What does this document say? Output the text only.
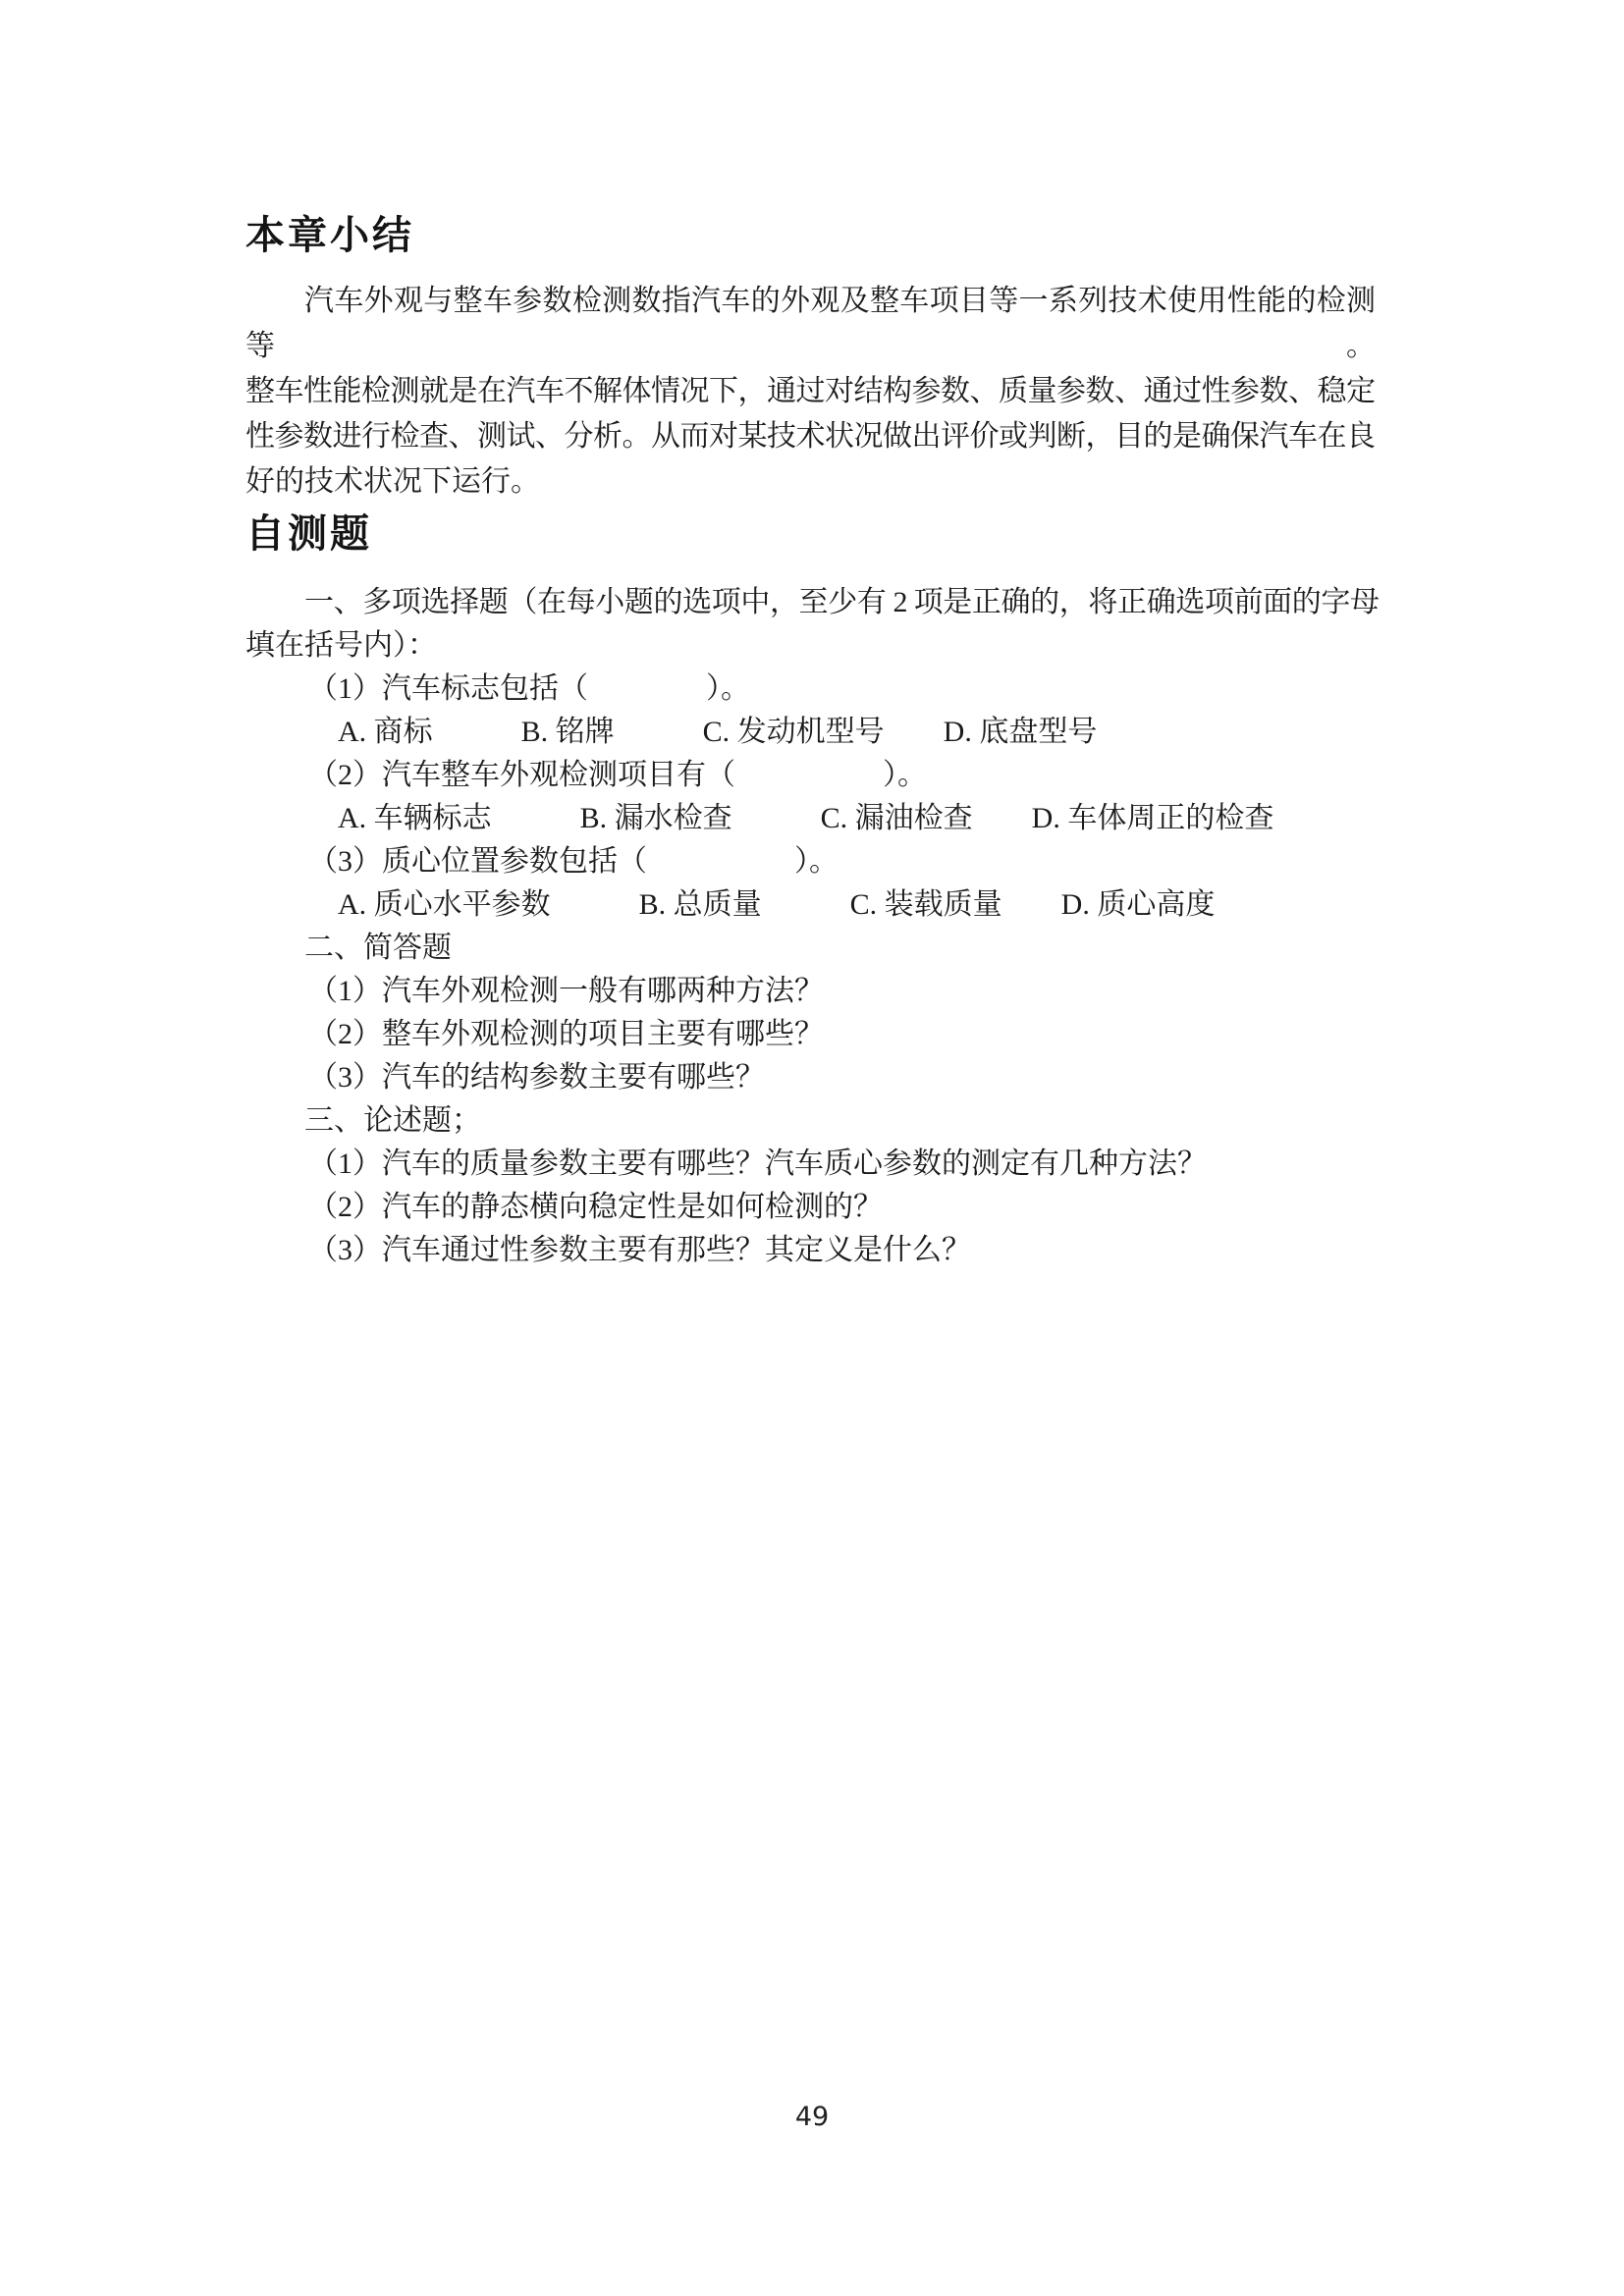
本章小结
汽车外观与整车参数检测数指汽车的外观及整车项目等一系列技术使用性能的检测等。
整车性能检测就是在汽车不解体情况下，通过对结构参数、质量参数、通过性参数、稳定
性参数进行检查、测试、分析。从而对某技术状况做出评价或判断，目的是确保汽车在良
好的技术状况下运行。
自测题
一、多项选择题（在每小题的选项中，至少有 2 项是正确的，将正确选项前面的字母
填在括号内）：
（1）汽车标志包括（　　　　）。
A. 商标　　　B. 铭牌　　　C. 发动机型号　　D. 底盘型号
（2）汽车整车外观检测项目有（　　　　　）。
A. 车辆标志　　　B. 漏水检查　　　C. 漏油检查　　D. 车体周正的检查
（3）质心位置参数包括（　　　　　）。
A. 质心水平参数　　　B. 总质量　　　C. 装载质量　　D. 质心高度
二、简答题
（1）汽车外观检测一般有哪两种方法？
（2）整车外观检测的项目主要有哪些？
（3）汽车的结构参数主要有哪些？
三、论述题；
（1）汽车的质量参数主要有哪些？汽车质心参数的测定有几种方法？
（2）汽车的静态横向稳定性是如何检测的？
（3）汽车通过性参数主要有那些？其定义是什么？
49
